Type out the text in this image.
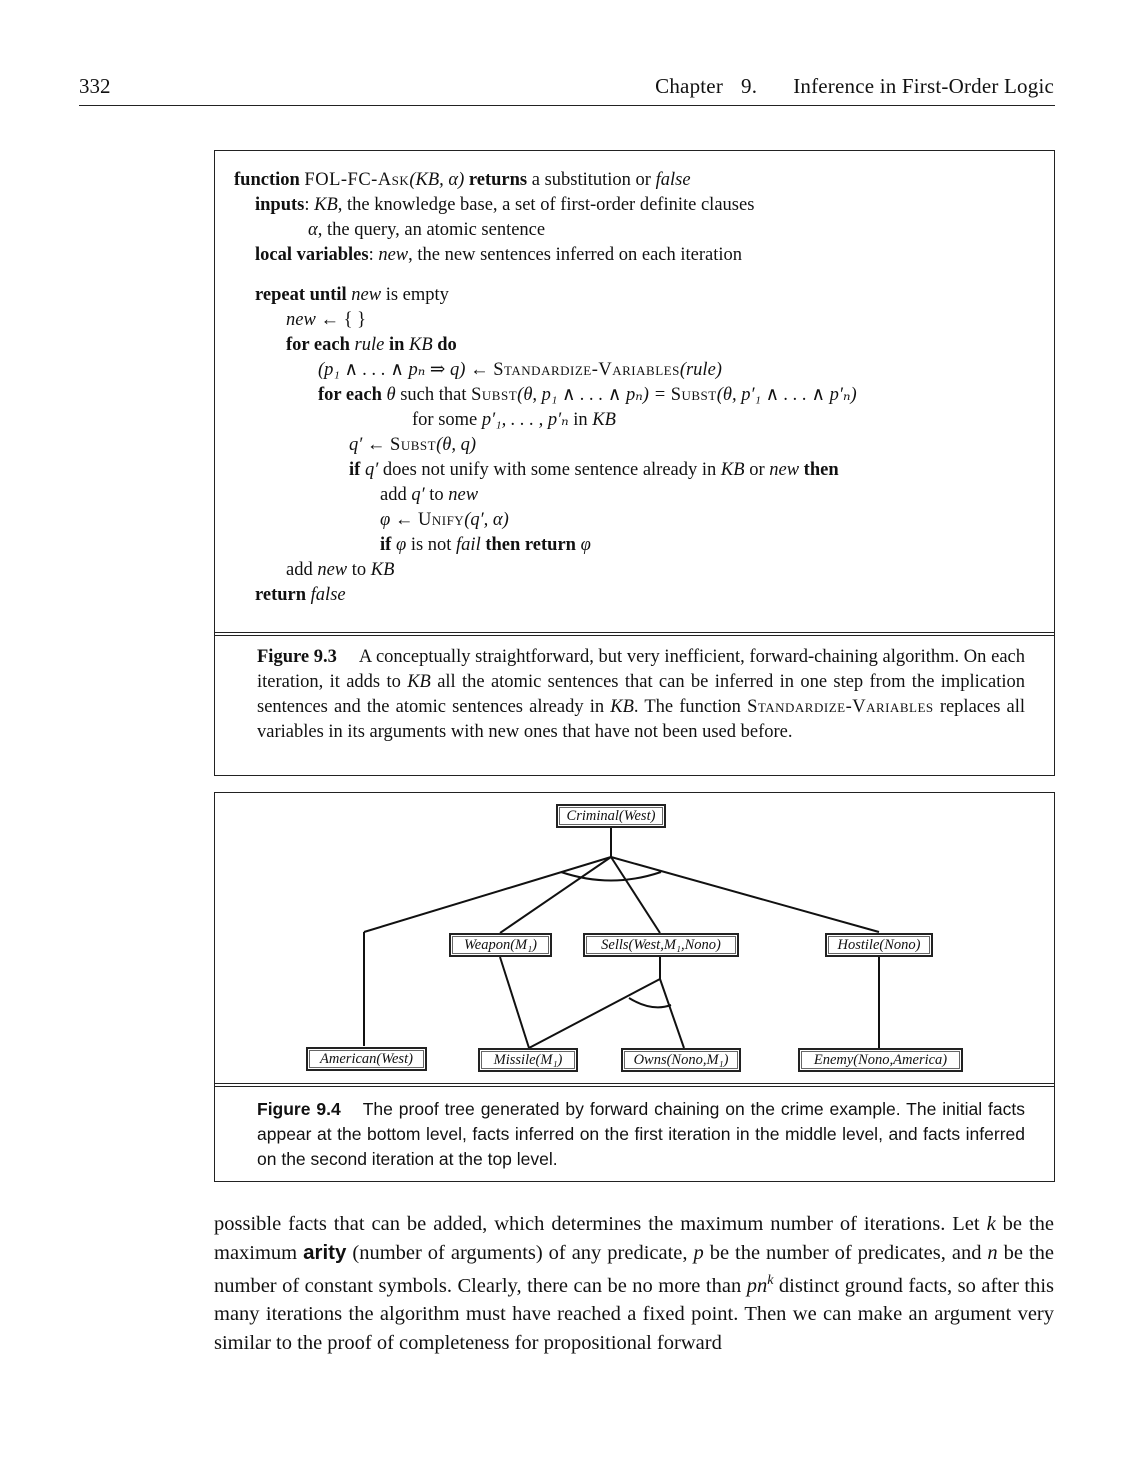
332	Chapter 9. Inference in First-Order Logic
function FOL-FC-Ask(KB, α) returns a substitution or false
inputs: KB, the knowledge base, a set of first-order definite clauses
α, the query, an atomic sentence
local variables: new, the new sentences inferred on each iteration
repeat until new is empty
new ← { }
for each rule in KB do
(p₁ ∧ . . . ∧ pₙ ⇒ q) ← Standardize-Variables(rule)
for each θ such that Subst(θ, p₁ ∧ . . . ∧ pₙ) = Subst(θ, p′₁ ∧ . . . ∧ p′ₙ)
for some p′₁, . . . , p′ₙ in KB
q′ ← Subst(θ, q)
if q′ does not unify with some sentence already in KB or new then
add q′ to new
φ ← Unify(q′, α)
if φ is not fail then return φ
add new to KB
return false
Figure 9.3 A conceptually straightforward, but very inefficient, forward-chaining algorithm. On each iteration, it adds to KB all the atomic sentences that can be inferred in one step from the implication sentences and the atomic sentences already in KB. The function Standardize-Variables replaces all variables in its arguments with new ones that have not been used before.
Criminal(West)
Weapon(M₁)	Sells(West,M₁,Nono)	Hostile(Nono)
American(West)	Missile(M₁)	Owns(Nono,M₁)	Enemy(Nono,America)
Figure 9.4 The proof tree generated by forward chaining on the crime example. The initial facts appear at the bottom level, facts inferred on the first iteration in the middle level, and facts inferred on the second iteration at the top level.
possible facts that can be added, which determines the maximum number of iterations. Let k be the maximum arity (number of arguments) of any predicate, p be the number of predicates, and n be the number of constant symbols. Clearly, there can be no more than $pn^k$ distinct ground facts, so after this many iterations the algorithm must have reached a fixed point. Then we can make an argument very similar to the proof of completeness for propositional forward
